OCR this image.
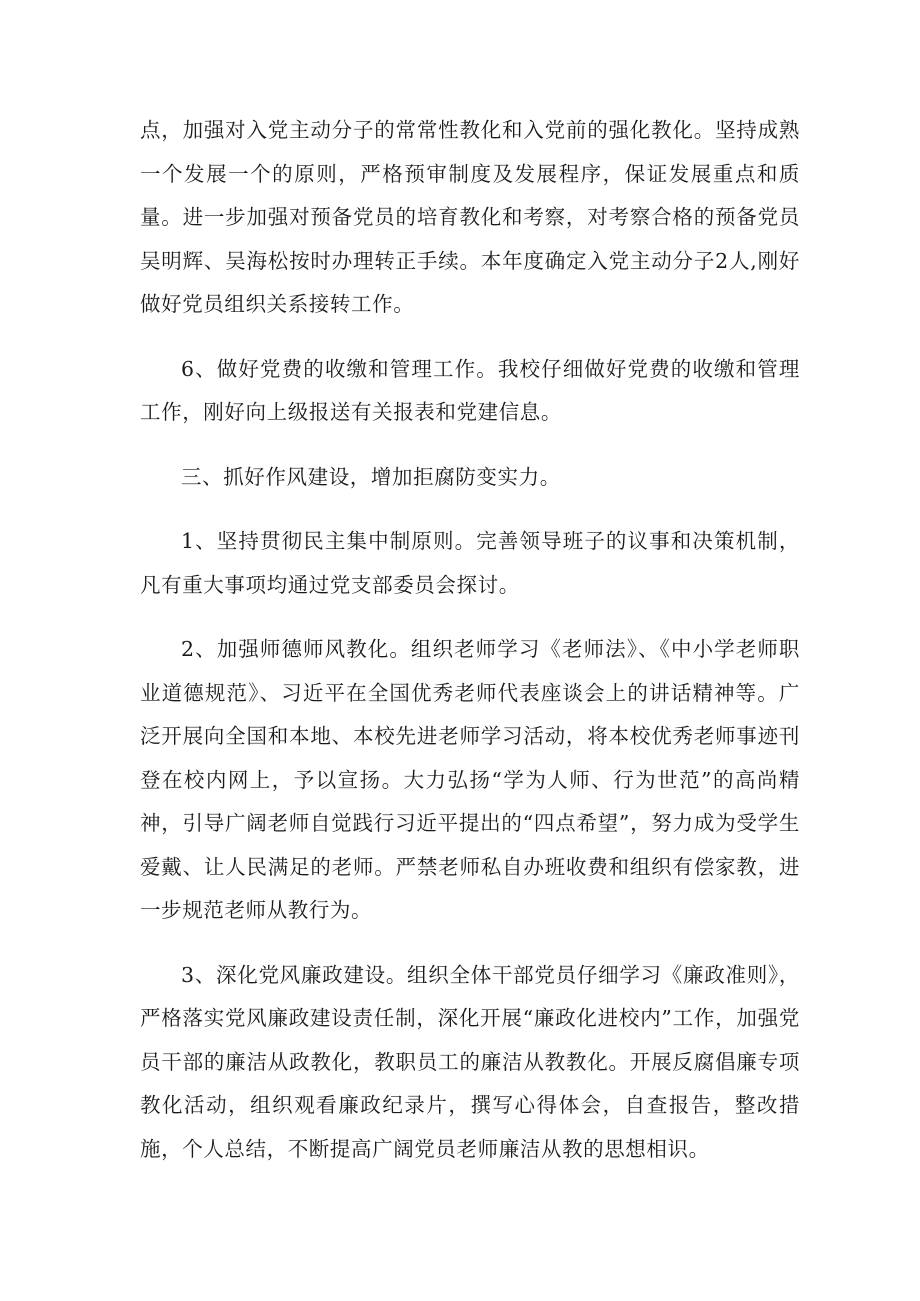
点，加强对入党主动分子的常常性教化和入党前的强化教化。坚持成熟一个发展一个的原则，严格预审制度及发展程序，保证发展重点和质量。进一步加强对预备党员的培育教化和考察，对考察合格的预备党员吴明辉、吴海松按时办理转正手续。本年度确定入党主动分子2人,刚好做好党员组织关系接转工作。

6、做好党费的收缴和管理工作。我校仔细做好党费的收缴和管理工作，刚好向上级报送有关报表和党建信息。

三、抓好作风建设，增加拒腐防变实力。

1、坚持贯彻民主集中制原则。完善领导班子的议事和决策机制，凡有重大事项均通过党支部委员会探讨。

2、加强师德师风教化。组织老师学习《老师法》、《中小学老师职业道德规范》、习近平在全国优秀老师代表座谈会上的讲话精神等。广泛开展向全国和本地、本校先进老师学习活动，将本校优秀老师事迹刊登在校内网上，予以宣扬。大力弘扬“学为人师、行为世范”的高尚精神，引导广阔老师自觉践行习近平提出的“四点希望”，努力成为受学生爱戴、让人民满足的老师。严禁老师私自办班收费和组织有偿家教，进一步规范老师从教行为。

3、深化党风廉政建设。组织全体干部党员仔细学习《廉政准则》，严格落实党风廉政建设责任制，深化开展“廉政化进校内”工作，加强党员干部的廉洁从政教化，教职员工的廉洁从教教化。开展反腐倡廉专项教化活动，组织观看廉政纪录片，撰写心得体会，自查报告，整改措施，个人总结，不断提高广阔党员老师廉洁从教的思想相识。
